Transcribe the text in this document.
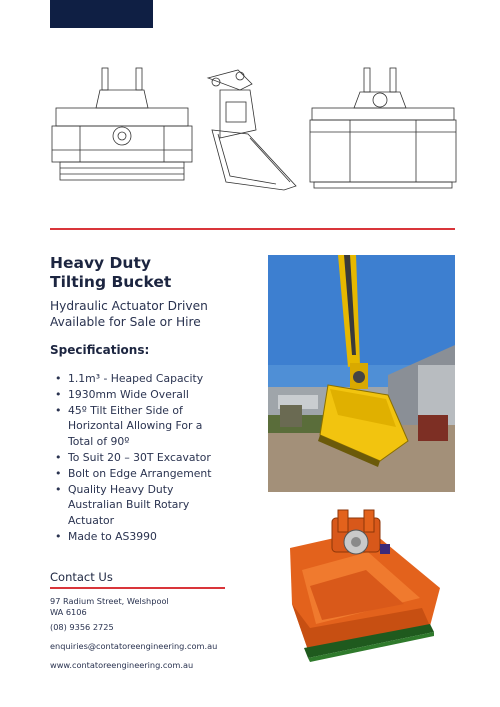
Heavy Duty
Tilting Bucket
Hydraulic Actuator Driven
Available for Sale or Hire
Specifications:
• 1.1m³ - Heaped Capacity
• 1930mm Wide Overall
• 45º Tilt Either Side of Horizontal Allowing For a Total of 90º
• To Suit 20 – 30T Excavator
• Bolt on Edge Arrangement
• Quality Heavy Duty Australian Built Rotary Actuator
• Made to AS3990
Contact Us
97 Radium Street, Welshpool
WA 6106
(08) 9356 2725
enquiries@contatoreengineering.com.au
www.contatoreengineering.com.au
